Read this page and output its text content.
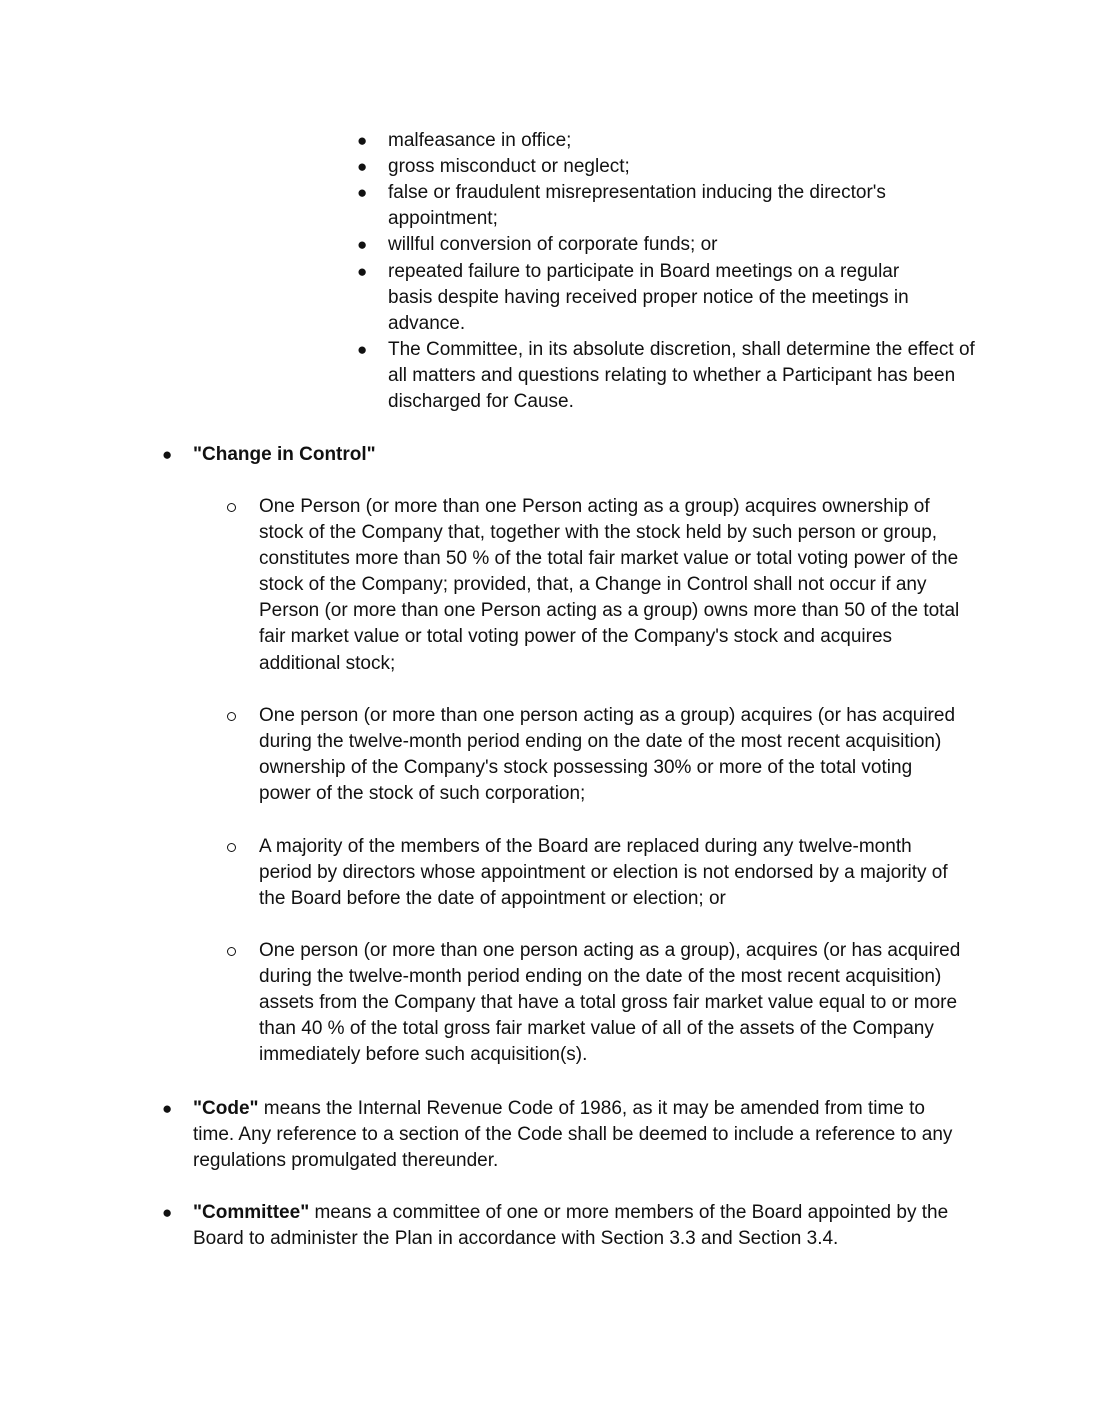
● malfeasance in office;
● gross misconduct or neglect;
● false or fraudulent misrepresentation inducing the director's appointment;
● willful conversion of corporate funds; or
● repeated failure to participate in Board meetings on a regular basis despite having received proper notice of the meetings in advance.
● The Committee, in its absolute discretion, shall determine the effect of all matters and questions relating to whether a Participant has been discharged for Cause.
● "Change in Control"
One Person (or more than one Person acting as a group) acquires ownership of stock of the Company that, together with the stock held by such person or group, constitutes more than 50 % of the total fair market value or total voting power of the stock of the Company; provided, that, a Change in Control shall not occur if any Person (or more than one Person acting as a group) owns more than 50 of the total fair market value or total voting power of the Company's stock and acquires additional stock;
One person (or more than one person acting as a group) acquires (or has acquired during the twelve-month period ending on the date of the most recent acquisition) ownership of the Company's stock possessing 30% or more of the total voting power of the stock of such corporation;
A majority of the members of the Board are replaced during any twelve-month period by directors whose appointment or election is not endorsed by a majority of the Board before the date of appointment or election; or
One person (or more than one person acting as a group), acquires (or has acquired during the twelve-month period ending on the date of the most recent acquisition) assets from the Company that have a total gross fair market value equal to or more than 40 % of the total gross fair market value of all of the assets of the Company immediately before such acquisition(s).
● "Code" means the Internal Revenue Code of 1986, as it may be amended from time to time. Any reference to a section of the Code shall be deemed to include a reference to any regulations promulgated thereunder.
● "Committee" means a committee of one or more members of the Board appointed by the Board to administer the Plan in accordance with Section 3.3 and Section 3.4.
